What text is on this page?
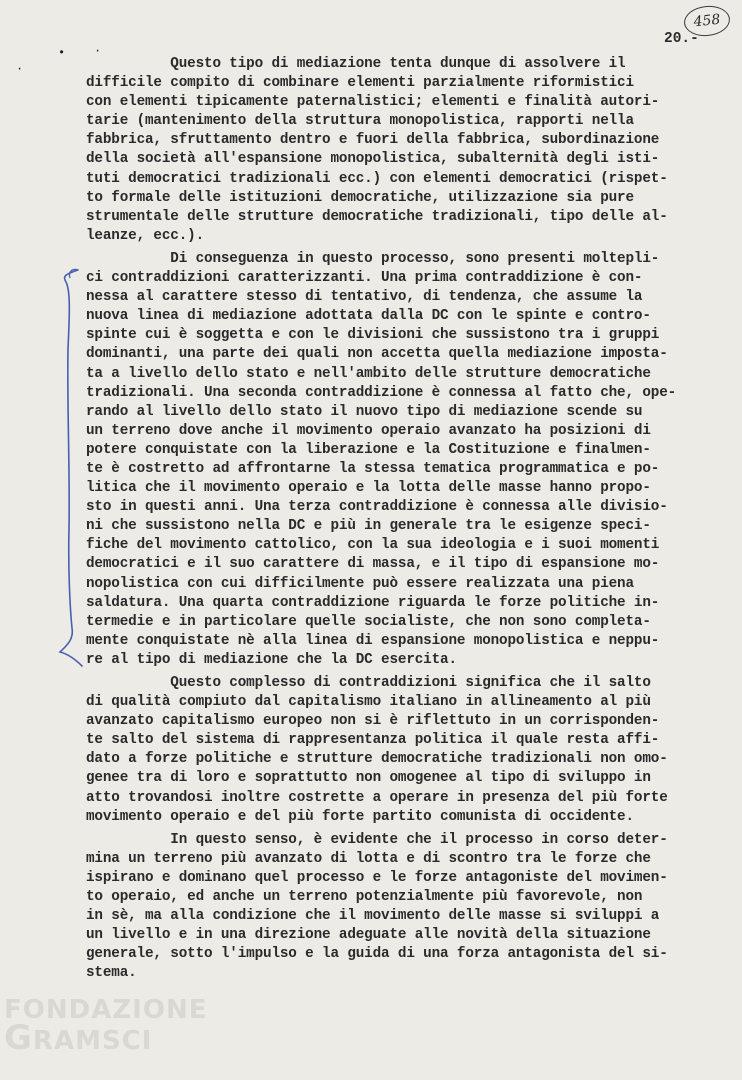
• ·
·
458
20.-

Questo tipo di mediazione tenta dunque di assolvere il
difficile compito di combinare elementi parzialmente riformistici
con elementi tipicamente paternalistici; elementi e finalità autori-
tarie (mantenimento della struttura monopolistica, rapporti nella
fabbrica, sfruttamento dentro e fuori della fabbrica, subordinazione
della società all'espansione monopolistica, subalternità degli isti-
tuti democratici tradizionali ecc.) con elementi democratici (rispet-
to formale delle istituzioni democratiche, utilizzazione sia pure
strumentale delle strutture democratiche tradizionali, tipo delle al-
leanze, ecc.).

Di conseguenza in questo processo, sono presenti moltepli-
ci contraddizioni caratterizzanti. Una prima contraddizione è con-
nessa al carattere stesso di tentativo, di tendenza, che assume la
nuova linea di mediazione adottata dalla DC con le spinte e contro-
spinte cui è soggetta e con le divisioni che sussistono tra i gruppi
dominanti, una parte dei quali non accetta quella mediazione imposta-
ta a livello dello stato e nell'ambito delle strutture democratiche
tradizionali. Una seconda contraddizione è connessa al fatto che, ope-
rando al livello dello stato il nuovo tipo di mediazione scende su
un terreno dove anche il movimento operaio avanzato ha posizioni di
potere conquistate con la liberazione e la Costituzione e finalmen-
te è costretto ad affrontarne la stessa tematica programmatica e po-
litica che il movimento operaio e la lotta delle masse hanno propo-
sto in questi anni. Una terza contraddizione è connessa alle divisio-
ni che sussistono nella DC e più in generale tra le esigenze speci-
fiche del movimento cattolico, con la sua ideologia e i suoi momenti
democratici e il suo carattere di massa, e il tipo di espansione mo-
nopolistica con cui difficilmente può essere realizzata una piena
saldatura. Una quarta contraddizione riguarda le forze politiche in-
termedie e in particolare quelle socialiste, che non sono completa-
mente conquistate nè alla linea di espansione monopolistica e neppu-
re al tipo di mediazione che la DC esercita.

Questo complesso di contraddizioni significa che il salto
di qualità compiuto dal capitalismo italiano in allineamento al più
avanzato capitalismo europeo non si è riflettuto in un corrisponden-
te salto del sistema di rappresentanza politica il quale resta affi-
dato a forze politiche e strutture democratiche tradizionali non omo-
genee tra di loro e soprattutto non omogenee al tipo di sviluppo in
atto trovandosi inoltre costrette a operare in presenza del più forte
movimento operaio e del più forte partito comunista di occidente.

In questo senso, è evidente che il processo in corso deter-
mina un terreno più avanzato di lotta e di scontro tra le forze che
ispirano e dominano quel processo e le forze antagoniste del movimen-
to operaio, ed anche un terreno potenzialmente più favorevole, non
in sè, ma alla condizione che il movimento delle masse si sviluppi a
un livello e in una direzione adeguate alle novità della situazione
generale, sotto l'impulso e la guida di una forza antagonista del si-
stema.

FONDAZIONE
GRAMSCI
